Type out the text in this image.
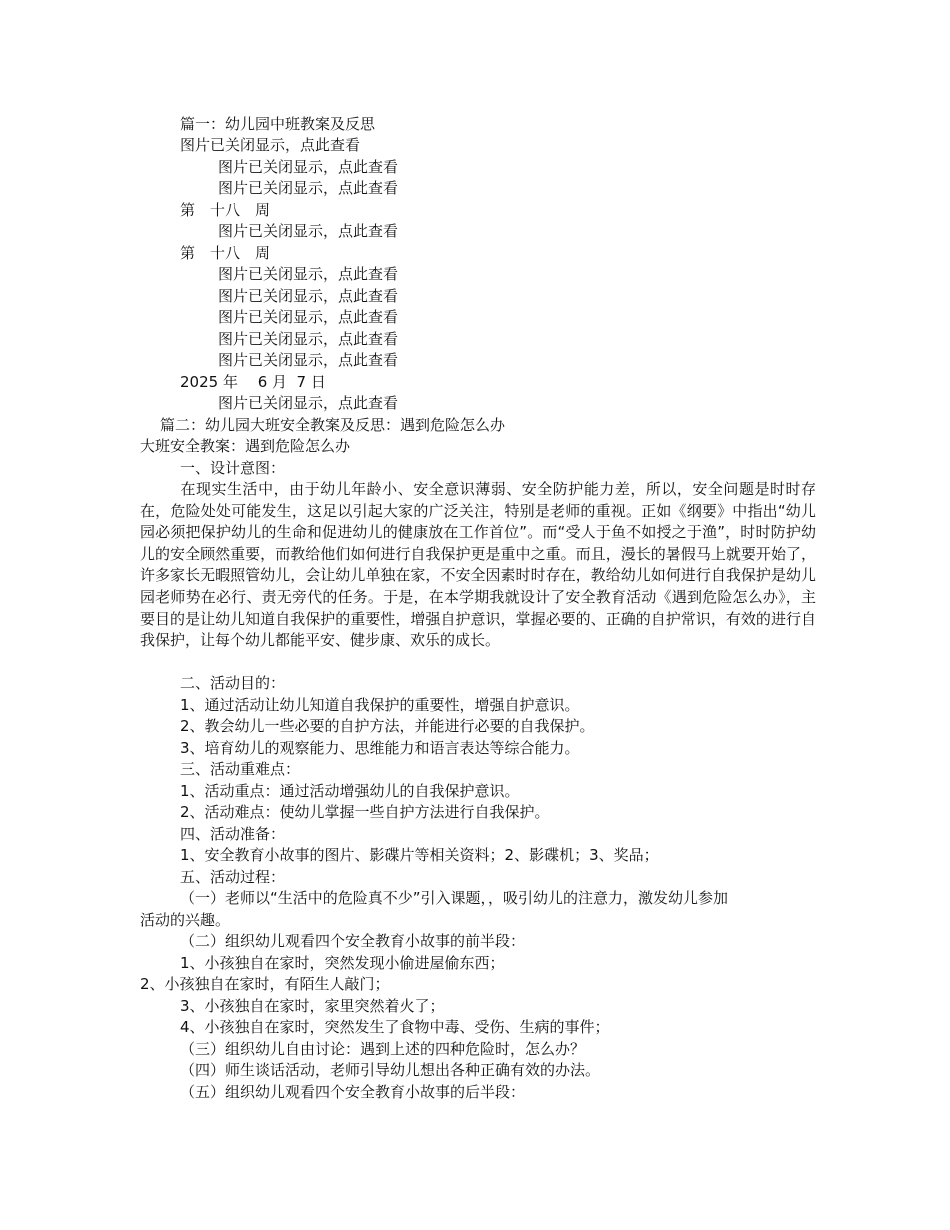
篇一：幼儿园中班教案及反思
图片已关闭显示，点此查看
图片已关闭显示，点此查看
图片已关闭显示，点此查看
第　十八　周
图片已关闭显示，点此查看
第　十八　周
图片已关闭显示，点此查看
图片已关闭显示，点此查看
图片已关闭显示，点此查看
图片已关闭显示，点此查看
图片已关闭显示，点此查看
2025 年　 6 月  7 日
图片已关闭显示，点此查看
篇二：幼儿园大班安全教案及反思：遇到危险怎么办
大班安全教案：遇到危险怎么办
一、设计意图：
在现实生活中，由于幼儿年龄小、安全意识薄弱、安全防护能力差，所以，安全问题是时时存在，危险处处可能发生，这足以引起大家的广泛关注，特别是老师的重视。正如《纲要》中指出“幼儿园必须把保护幼儿的生命和促进幼儿的健康放在工作首位”。而“受人于鱼不如授之于渔”，时时防护幼儿的安全顾然重要，而教给他们如何进行自我保护更是重中之重。而且，漫长的暑假马上就要开始了，许多家长无暇照管幼儿，会让幼儿单独在家，不安全因素时时存在，教给幼儿如何进行自我保护是幼儿园老师势在必行、责无旁代的任务。于是，在本学期我就设计了安全教育活动《遇到危险怎么办》，主要目的是让幼儿知道自我保护的重要性，增强自护意识，掌握必要的、正确的自护常识，有效的进行自我保护，让每个幼儿都能平安、健步康、欢乐的成长。
二、活动目的：
1、通过活动让幼儿知道自我保护的重要性，增强自护意识。
2、教会幼儿一些必要的自护方法，并能进行必要的自我保护。
3、培育幼儿的观察能力、思维能力和语言表达等综合能力。
三、活动重难点：
1、活动重点：通过活动增强幼儿的自我保护意识。
2、活动难点：使幼儿掌握一些自护方法进行自我保护。
四、活动准备：
1、安全教育小故事的图片、影碟片等相关资料；2、影碟机；3、奖品；
五、活动过程：
（一）老师以“生活中的危险真不少”引入课题，，吸引幼儿的注意力，激发幼儿参加
活动的兴趣。
（二）组织幼儿观看四个安全教育小故事的前半段：
1、小孩独自在家时，突然发现小偷进屋偷东西；
2、小孩独自在家时，有陌生人敲门；
3、小孩独自在家时，家里突然着火了；
4、小孩独自在家时，突然发生了食物中毒、受伤、生病的事件；
（三）组织幼儿自由讨论：遇到上述的四种危险时，怎么办？
（四）师生谈话活动，老师引导幼儿想出各种正确有效的办法。
（五）组织幼儿观看四个安全教育小故事的后半段：
